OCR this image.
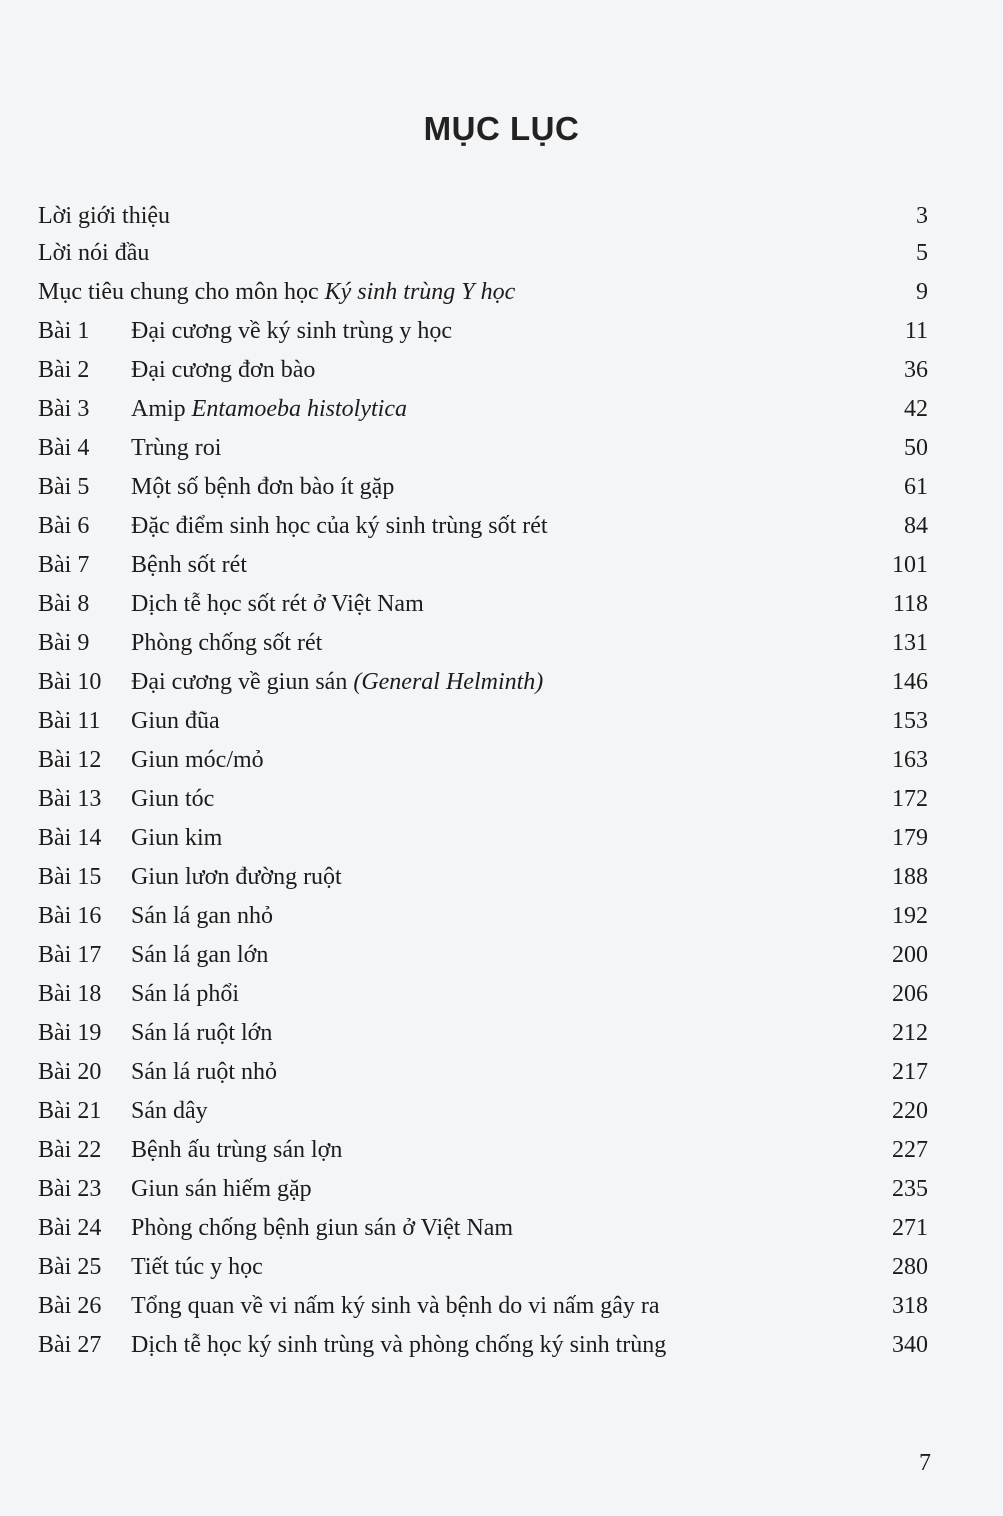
MỤC LỤC
Lời giới thiệu	3
Lời nói đầu	5
Mục tiêu chung cho môn học Ký sinh trùng Y học	9
Bài 1 Đại cương về ký sinh trùng y học	11
Bài 2 Đại cương đơn bào	36
Bài 3 Amip Entamoeba histolytica	42
Bài 4 Trùng roi	50
Bài 5 Một số bệnh đơn bào ít gặp	61
Bài 6 Đặc điểm sinh học của ký sinh trùng sốt rét	84
Bài 7 Bệnh sốt rét	101
Bài 8 Dịch tễ học sốt rét ở Việt Nam	118
Bài 9 Phòng chống sốt rét	131
Bài 10 Đại cương về giun sán (General Helminth)	146
Bài 11 Giun đũa	153
Bài 12 Giun móc/mỏ	163
Bài 13 Giun tóc	172
Bài 14 Giun kim	179
Bài 15 Giun lươn đường ruột	188
Bài 16 Sán lá gan nhỏ	192
Bài 17 Sán lá gan lớn	200
Bài 18 Sán lá phổi	206
Bài 19 Sán lá ruột lớn	212
Bài 20 Sán lá ruột nhỏ	217
Bài 21 Sán dây	220
Bài 22 Bệnh ấu trùng sán lợn	227
Bài 23 Giun sán hiếm gặp	235
Bài 24 Phòng chống bệnh giun sán ở Việt Nam	271
Bài 25 Tiết túc y học	280
Bài 26 Tổng quan về vi nấm ký sinh và bệnh do vi nấm gây ra	318
Bài 27 Dịch tễ học ký sinh trùng và phòng chống ký sinh trùng	340
7
